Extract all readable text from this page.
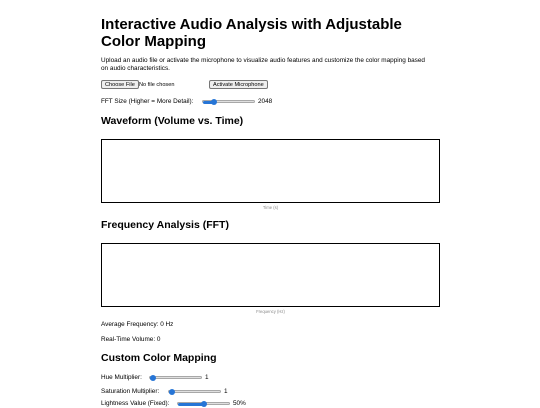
Interactive Audio Analysis with Adjustable Color Mapping

Upload an audio file or activate the microphone to visualize audio features and customize the color mapping based on audio characteristics.

Choose File No file chosen	Activate Microphone
FFT Size (Higher = More Detail):	2048
Waveform (Volume vs. Time)
Time (s)
Frequency Analysis (FFT)
Frequency (Hz)
Average Frequency: 0 Hz
Real-Time Volume: 0
Custom Color Mapping
Hue Multiplier:	1
Saturation Multiplier:	1
Lightness Value (Fixed):	50%
